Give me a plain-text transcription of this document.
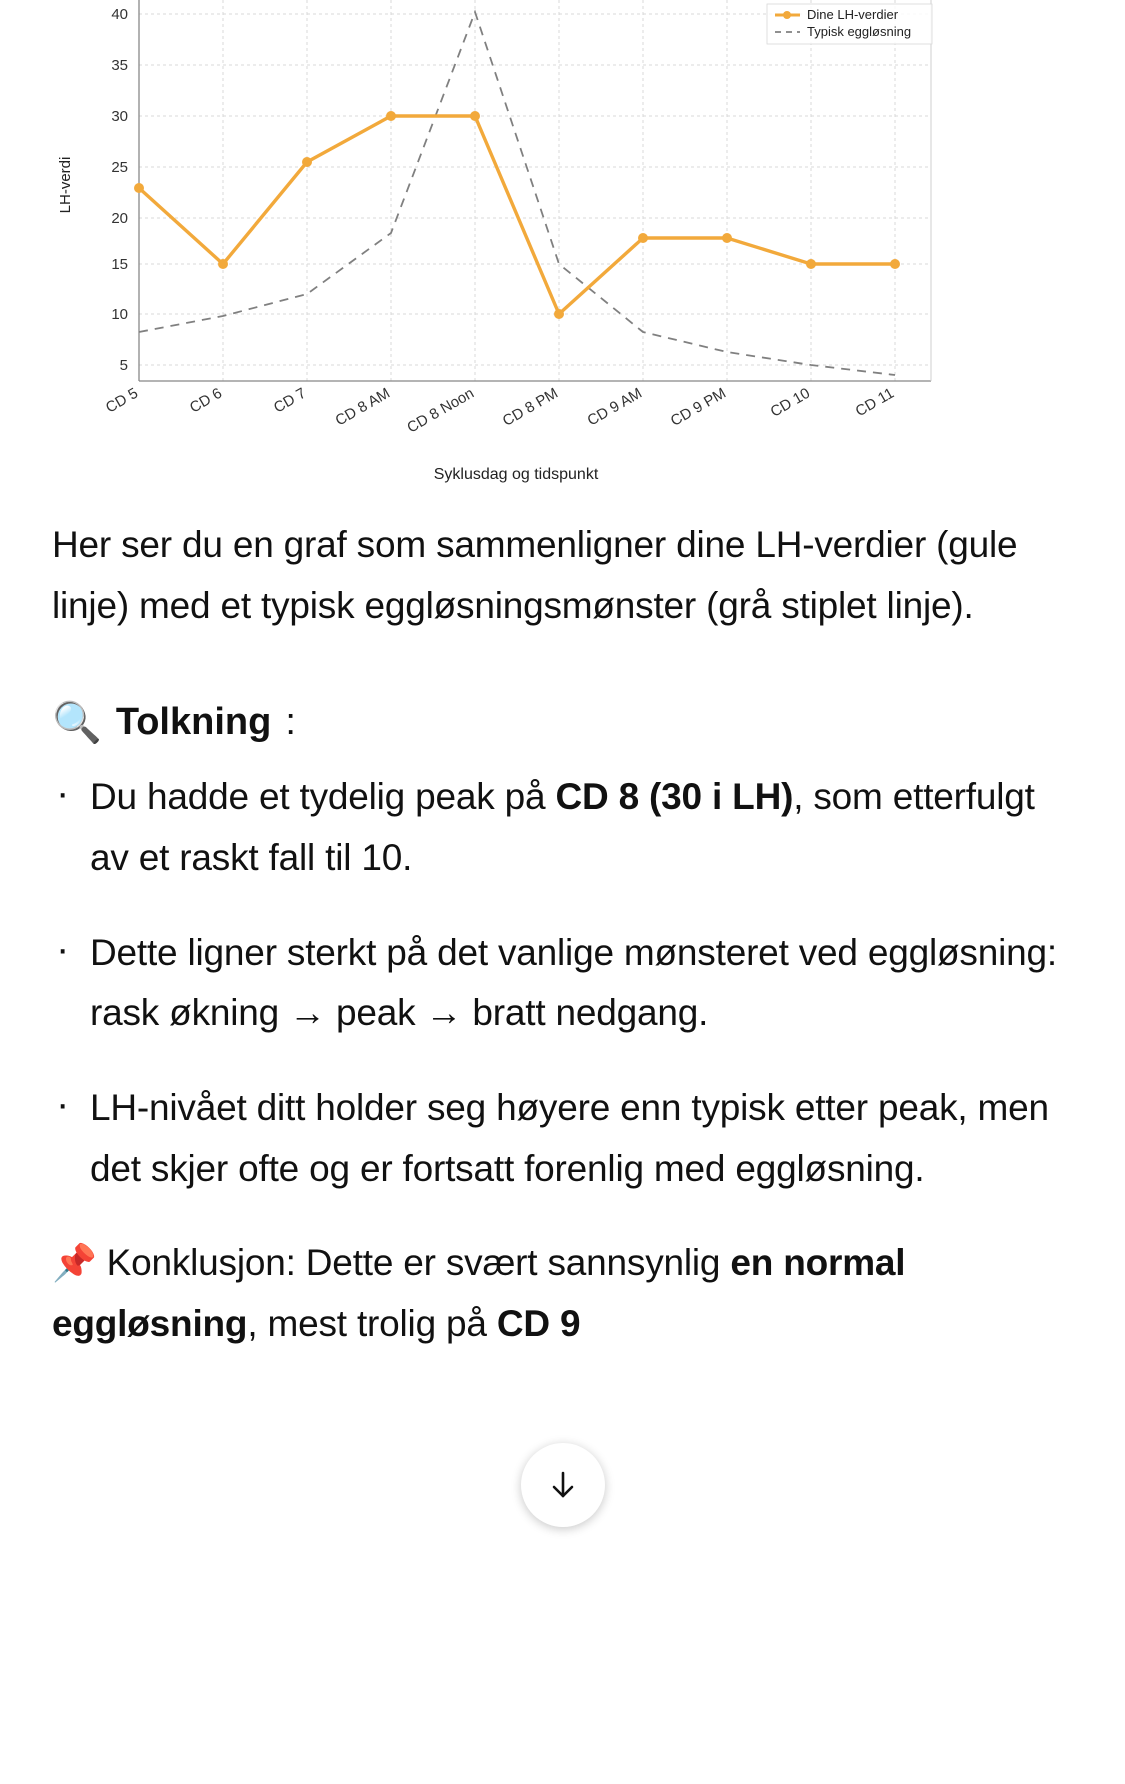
40
35
30
25
20
15
10
5
LH-verdi
CD 5	CD 6	CD 7 CD 8 AM CD 8 Noon CD 8 PM CD 9 AM CD 9 PM	CD 10	CD 11
Syklusdag og tidspunkt
Dine LH-verdier
Typisk eggløsning

Her ser du en graf som sammenligner dine LH-verdier (gule linje) med et typisk eggløsningsmønster (grå stiplet linje).

🔍 Tolkning :
· Du hadde et tydelig peak på CD 8 (30 i LH), som etterfulgt av et raskt fall til 10.
· Dette ligner sterkt på det vanlige mønsteret ved eggløsning: rask økning → peak → bratt nedgang.
· LH-nivået ditt holder seg høyere enn typisk etter peak, men det skjer ofte og er fortsatt forenlig med eggløsning.

📌 Konklusjon: Dette er svært sannsynlig en normal eggløsning, mest trolig på CD 9
